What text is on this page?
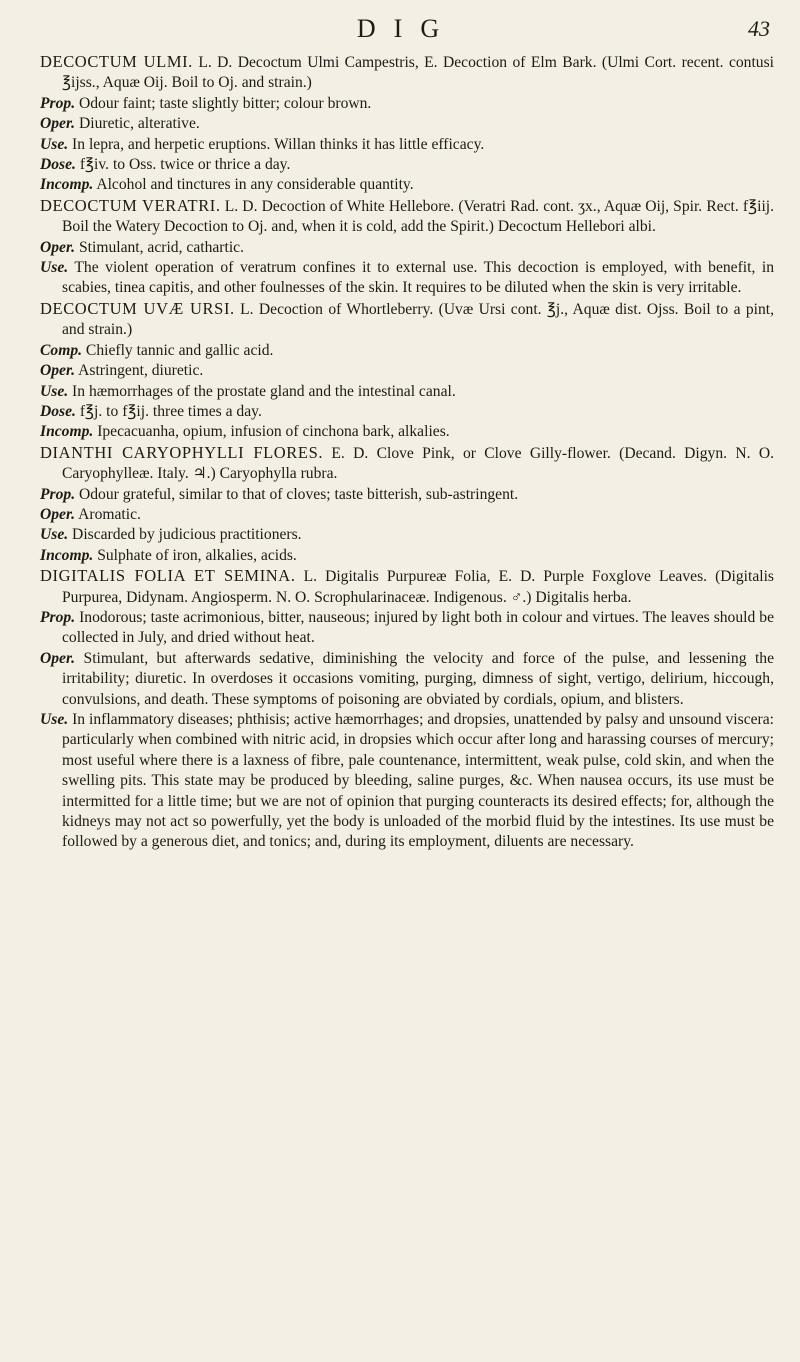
DIG	43

DECOCTUM ULMI. L. D. Decoctum Ulmi Campestris, E. Decoction of Elm Bark. (Ulmi Cort. recent. contusi ℥ijss., Aquæ Oij. Boil to Oj. and strain.)

Prop. Odour faint; taste slightly bitter; colour brown.

Oper. Diuretic, alterative.

Use. In lepra, and herpetic eruptions. Willan thinks it has little efficacy.

Dose. f℥iv. to Oss. twice or thrice a day.

Incomp. Alcohol and tinctures in any considerable quantity.

DECOCTUM VERATRI. L. D. Decoction of White Hellebore. (Veratri Rad. cont. ʒx., Aquæ Oij, Spir. Rect. f℥iij. Boil the Watery Decoction to Oj. and, when it is cold, add the Spirit.) Decoctum Hellebori albi.

Oper. Stimulant, acrid, cathartic.

Use. The violent operation of veratrum confines it to external use. This decoction is employed, with benefit, in scabies, tinea capitis, and other foulnesses of the skin. It requires to be diluted when the skin is very irritable.

DECOCTUM UVÆ URSI. L. Decoction of Whortleberry. (Uvæ Ursi cont. ℥j., Aquæ dist. Ojss. Boil to a pint, and strain.)

Comp. Chiefly tannic and gallic acid.

Oper. Astringent, diuretic.

Use. In hæmorrhages of the prostate gland and the intestinal canal.

Dose. f℥j. to f℥ij. three times a day.

Incomp. Ipecacuanha, opium, infusion of cinchona bark, alkalies.

DIANTHI CARYOPHYLLI FLORES. E. D. Clove Pink, or Clove Gilly-flower. (Decand. Digyn. N. O. Caryophylleæ. Italy. ♃.) Caryophylla rubra.

Prop. Odour grateful, similar to that of cloves; taste bitterish, sub-astringent.

Oper. Aromatic.

Use. Discarded by judicious practitioners.

Incomp. Sulphate of iron, alkalies, acids.

DIGITALIS FOLIA ET SEMINA. L. Digitalis Purpureæ Folia, E. D. Purple Foxglove Leaves. (Digitalis Purpurea, Didynam. Angiosperm. N. O. Scrophularinaceæ. Indigenous. ♂.) Digitalis herba.

Prop. Inodorous; taste acrimonious, bitter, nauseous; injured by light both in colour and virtues. The leaves should be collected in July, and dried without heat.

Oper. Stimulant, but afterwards sedative, diminishing the velocity and force of the pulse, and lessening the irritability; diuretic. In overdoses it occasions vomiting, purging, dimness of sight, vertigo, delirium, hiccough, convulsions, and death. These symptoms of poisoning are obviated by cordials, opium, and blisters.

Use. In inflammatory diseases; phthisis; active hæmorrhages; and dropsies, unattended by palsy and unsound viscera: particularly when combined with nitric acid, in dropsies which occur after long and harassing courses of mercury; most useful where there is a laxness of fibre, pale countenance, intermittent, weak pulse, cold skin, and when the swelling pits. This state may be produced by bleeding, saline purges, &c. When nausea occurs, its use must be intermitted for a little time; but we are not of opinion that purging counteracts its desired effects; for, although the kidneys may not act so powerfully, yet the body is unloaded of the morbid fluid by the intestines. Its use must be followed by a generous diet, and tonics; and, during its employment, diluents are necessary.
